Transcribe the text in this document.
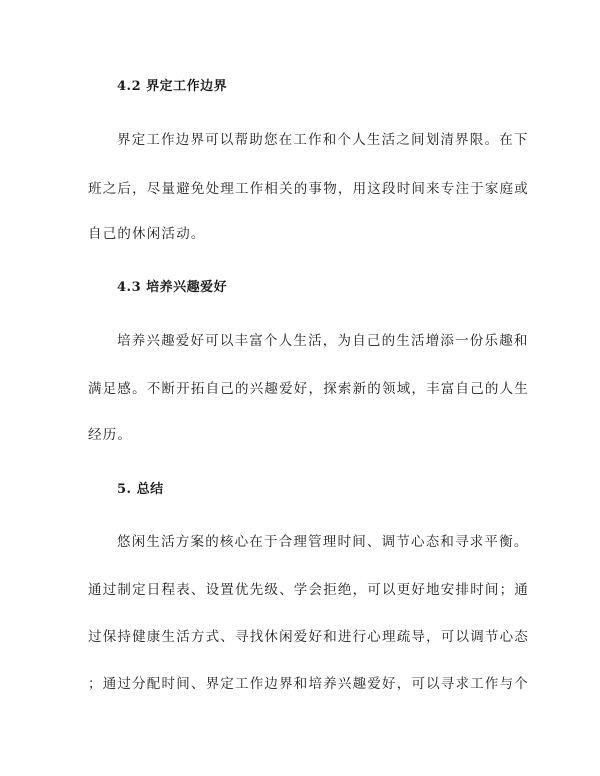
4.2 界定工作边界
界定工作边界可以帮助您在工作和个人生活之间划清界限。在下
班之后，尽量避免处理工作相关的事物，用这段时间来专注于家庭或
自己的休闲活动。
4.3 培养兴趣爱好
培养兴趣爱好可以丰富个人生活，为自己的生活增添一份乐趣和
满足感。不断开拓自己的兴趣爱好，探索新的领域，丰富自己的人生
经历。
5. 总结
悠闲生活方案的核心在于合理管理时间、调节心态和寻求平衡。
通过制定日程表、设置优先级、学会拒绝，可以更好地安排时间；通
过保持健康生活方式、寻找休闲爱好和进行心理疏导，可以调节心态
；通过分配时间、界定工作边界和培养兴趣爱好，可以寻求工作与个
